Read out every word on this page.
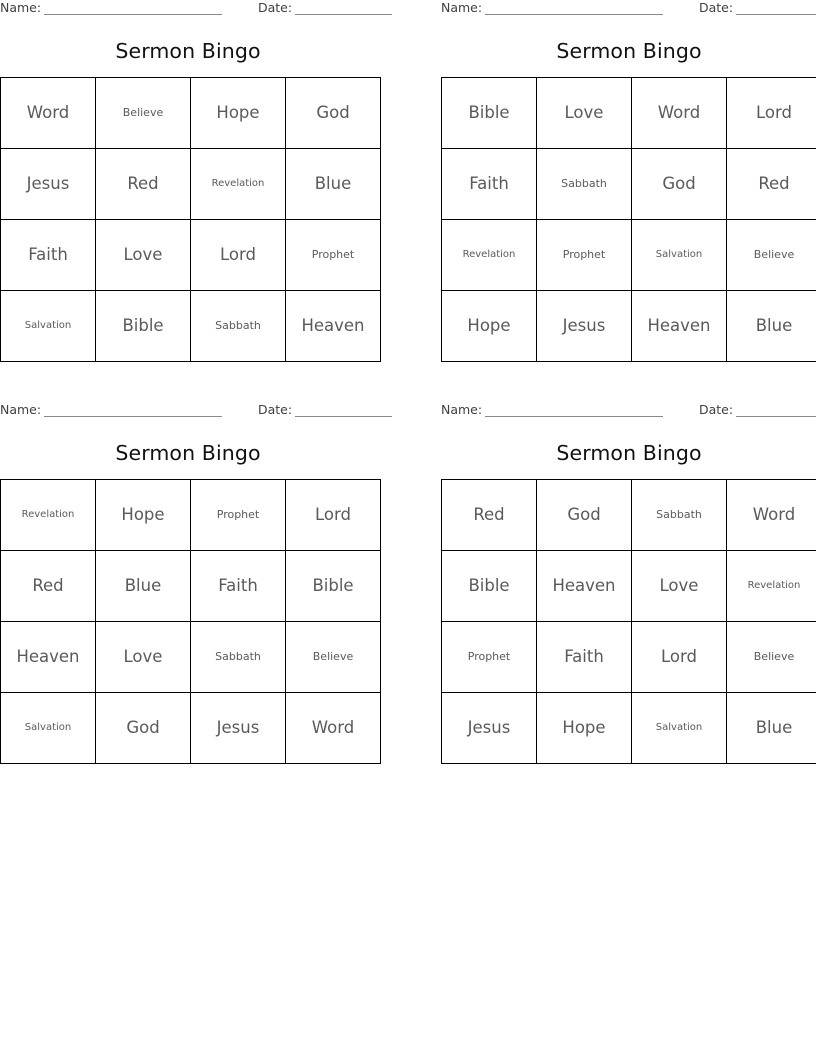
Name:	Date:
Sermon Bingo
Word	Believe	Hope	God

Jesus	Red	Revelation	Blue

Faith	Love	Lord	Prophet

Salvation	Bible	Sabbath	Heaven
Name:	Date:
Sermon Bingo
Bible	Love	Word	Lord

Faith	Sabbath	God	Red

Revelation	Prophet	Salvation	Believe

Hope	Jesus	Heaven	Blue
Name:	Date:
Sermon Bingo
Revelation	Hope	Prophet	Lord

Red	Blue	Faith	Bible

Heaven	Love	Sabbath	Believe

Salvation	God	Jesus	Word
Name:	Date:
Sermon Bingo
Red	God	Sabbath	Word

Bible	Heaven	Love	Revelation

Prophet	Faith	Lord	Believe

Jesus	Hope	Salvation	Blue
